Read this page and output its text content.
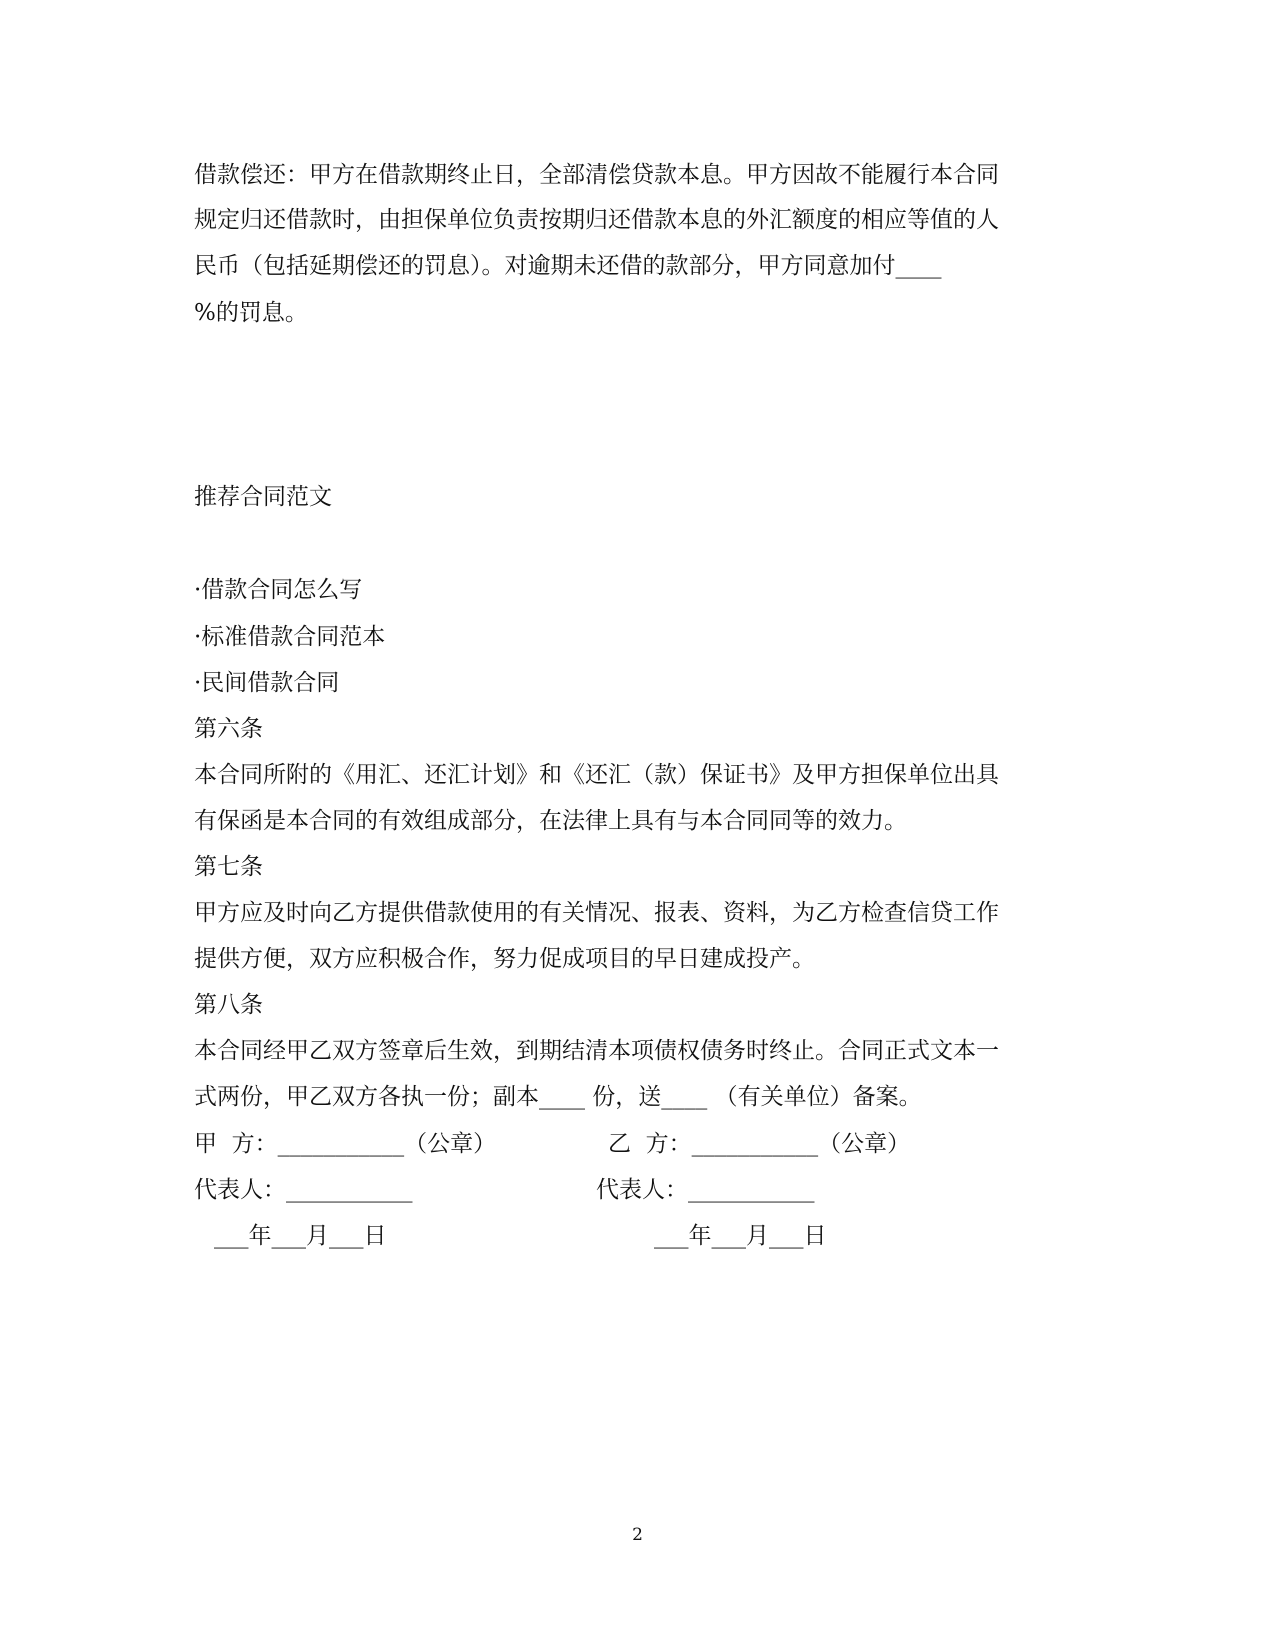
借款偿还：甲方在借款期终止日，全部清偿贷款本息。甲方因故不能履行本合同
规定归还借款时，由担保单位负责按期归还借款本息的外汇额度的相应等值的人
民币（包括延期偿还的罚息）。对逾期未还借的款部分，甲方同意加付____
%的罚息。
推荐合同范文
·借款合同怎么写
·标准借款合同范本
·民间借款合同
第六条
本合同所附的《用汇、还汇计划》和《还汇（款）保证书》及甲方担保单位出具
有保函是本合同的有效组成部分，在法律上具有与本合同同等的效力。
第七条
甲方应及时向乙方提供借款使用的有关情况、报表、资料，为乙方检查信贷工作
提供方便，双方应积极合作，努力促成项目的早日建成投产。
第八条
本合同经甲乙双方签章后生效，到期结清本项债权债务时终止。合同正式文本一
式两份，甲乙双方各执一份；副本____ 份，送____ （有关单位）备案。
甲  方：___________（公章）	乙  方：___________（公章）
代表人：___________	代表人：___________
___年___月___日	___年___月___日
2
